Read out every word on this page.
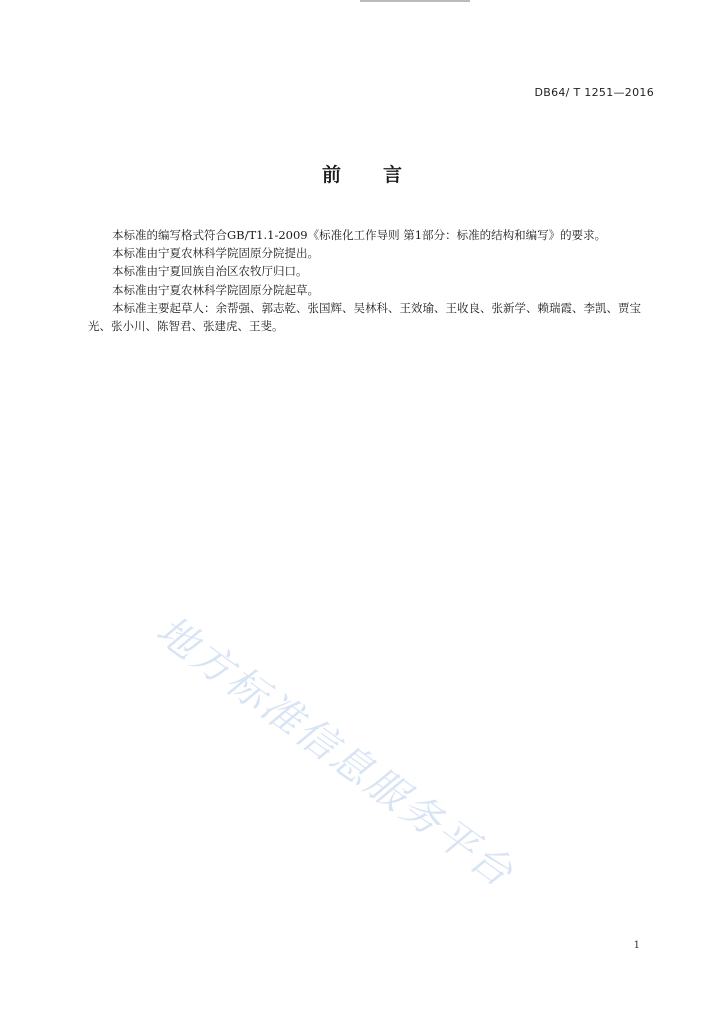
DB64/ T 1251—2016
前 言

本标准的编写格式符合GB/T1.1-2009《标准化工作导则 第1部分：标准的结构和编写》的要求。

本标准由宁夏农林科学院固原分院提出。

本标准由宁夏回族自治区农牧厅归口。

本标准由宁夏农林科学院固原分院起草。

本标准主要起草人：余帮强、郭志乾、张国辉、吴林科、王效瑜、王收良、张新学、赖瑞霞、李凯、贾宝光、张小川、陈智君、张建虎、王斐。

地方标准信息服务平台
1
